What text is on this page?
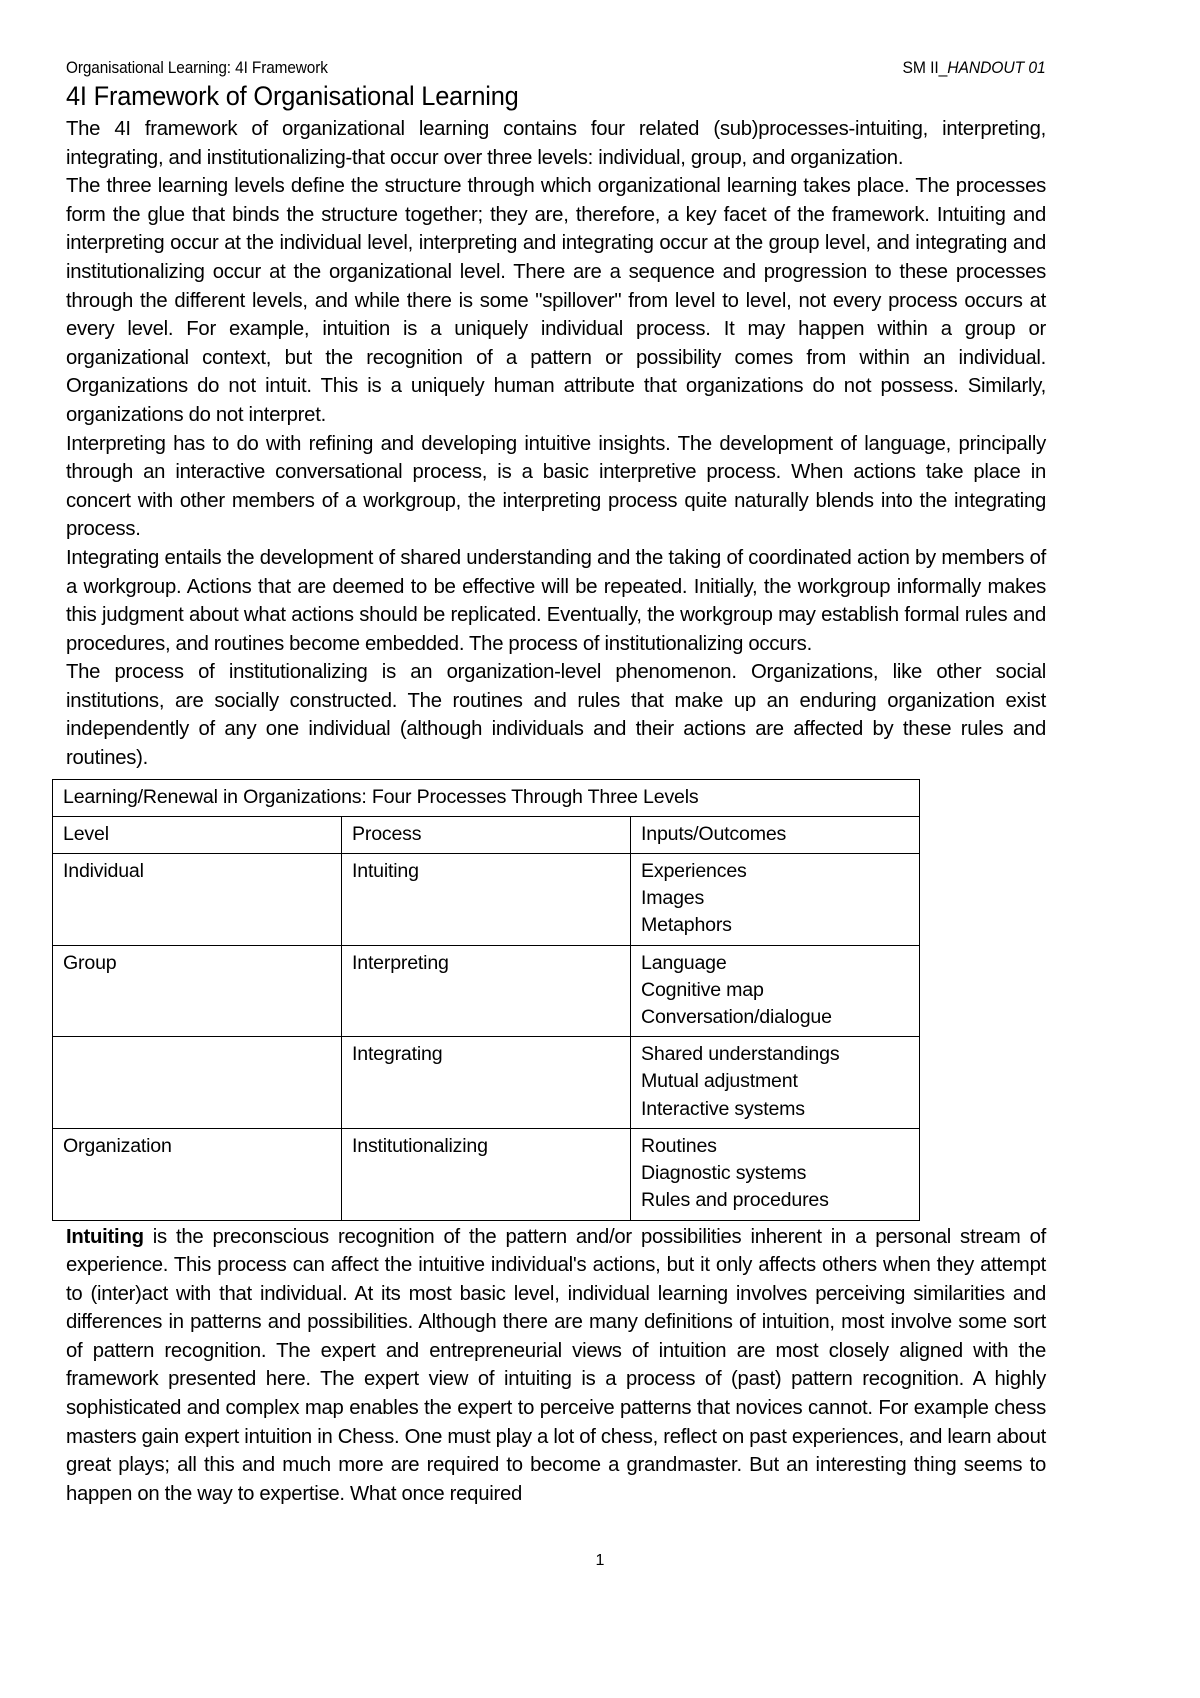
Organisational Learning: 4I Framework	SM II_HANDOUT 01
4I Framework of Organisational Learning

The 4I framework of organizational learning contains four related (sub)processes-intuiting, interpreting, integrating, and institutionalizing-that occur over three levels: individual, group, and organization.

The three learning levels define the structure through which organizational learning takes place. The processes form the glue that binds the structure together; they are, therefore, a key facet of the framework. Intuiting and interpreting occur at the individual level, interpreting and integrating occur at the group level, and integrating and institutionalizing occur at the organizational level. There are a sequence and progression to these processes through the different levels, and while there is some "spillover" from level to level, not every process occurs at every level. For example, intuition is a uniquely individual process. It may happen within a group or organizational context, but the recognition of a pattern or possibility comes from within an individual. Organizations do not intuit. This is a uniquely human attribute that organizations do not possess. Similarly, organizations do not interpret.

Interpreting has to do with refining and developing intuitive insights. The development of language, principally through an interactive conversational process, is a basic interpretive process. When actions take place in concert with other members of a workgroup, the interpreting process quite naturally blends into the integrating process.

Integrating entails the development of shared understanding and the taking of coordinated action by members of a workgroup. Actions that are deemed to be effective will be repeated. Initially, the workgroup informally makes this judgment about what actions should be replicated. Eventually, the workgroup may establish formal rules and procedures, and routines become embedded. The process of institutionalizing occurs.

The process of institutionalizing is an organization-level phenomenon. Organizations, like other social institutions, are socially constructed. The routines and rules that make up an enduring organization exist independently of any one individual (although individuals and their actions are affected by these rules and routines).

Learning/Renewal in Organizations: Four Processes Through Three Levels		
Level	Process	Inputs/Outcomes
Individual	Intuiting	Experiences
Images
Metaphors

Group	Interpreting	Language
Cognitive map
Conversation/dialogue

	Integrating	Shared understandings
Mutual adjustment
Interactive systems

Organization	Institutionalizing	Routines
Diagnostic systems
Rules and procedures

Intuiting is the preconscious recognition of the pattern and/or possibilities inherent in a personal stream of experience. This process can affect the intuitive individual's actions, but it only affects others when they attempt to (inter)act with that individual. At its most basic level, individual learning involves perceiving similarities and differences in patterns and possibilities. Although there are many definitions of intuition, most involve some sort of pattern recognition. The expert and entrepreneurial views of intuition are most closely aligned with the framework presented here. The expert view of intuiting is a process of (past) pattern recognition. A highly sophisticated and complex map enables the expert to perceive patterns that novices cannot. For example chess masters gain expert intuition in Chess. One must play a lot of chess, reflect on past experiences, and learn about great plays; all this and much more are required to become a grandmaster. But an interesting thing seems to happen on the way to expertise. What once required

1
